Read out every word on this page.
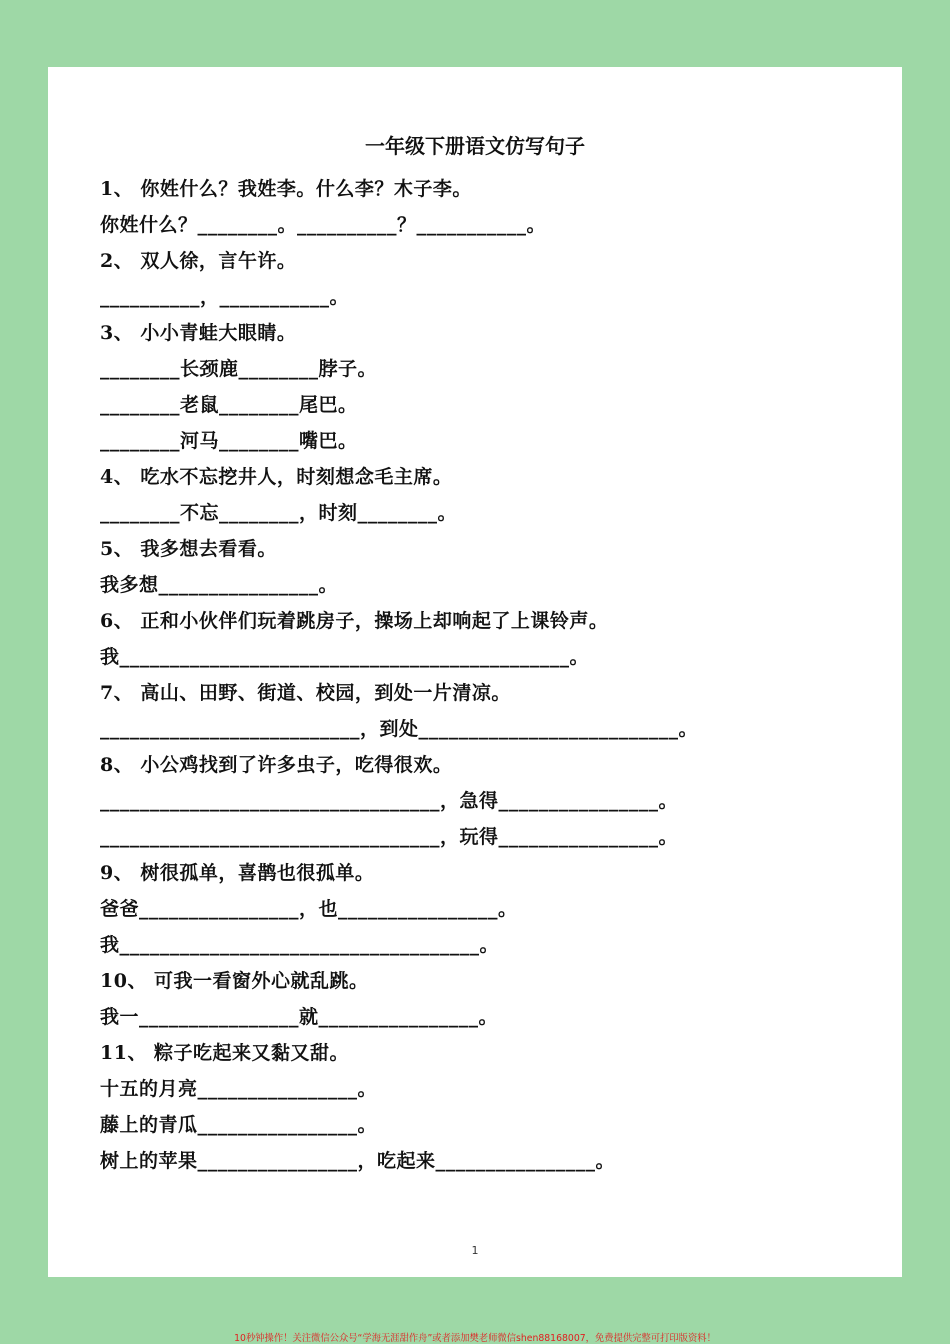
一年级下册语文仿写句子
1、 你姓什么？我姓李。什么李？木子李。
你姓什么？________。__________？___________。
2、 双人徐，言午许。
__________，___________。
3、 小小青蛙大眼睛。
________长颈鹿________脖子。
________老鼠________尾巴。
________河马________嘴巴。
4、 吃水不忘挖井人，时刻想念毛主席。
________不忘________，时刻________。
5、 我多想去看看。
我多想________________。
6、 正和小伙伴们玩着跳房子，操场上却响起了上课铃声。
我_____________________________________________。
7、 高山、田野、街道、校园，到处一片清凉。
__________________________，到处__________________________。
8、 小公鸡找到了许多虫子，吃得很欢。
__________________________________，急得________________。
__________________________________，玩得________________。
9、 树很孤单，喜鹊也很孤单。
爸爸________________，也________________。
我____________________________________。
10、 可我一看窗外心就乱跳。
我一________________就________________。
11、 粽子吃起来又黏又甜。
十五的月亮________________。
藤上的青瓜________________。
树上的苹果________________，吃起来________________。
1
10秒钟操作！关注微信公众号“学海无涯甜作舟”或者添加樊老师微信shen88168007，免费提供完整可打印版资料！
